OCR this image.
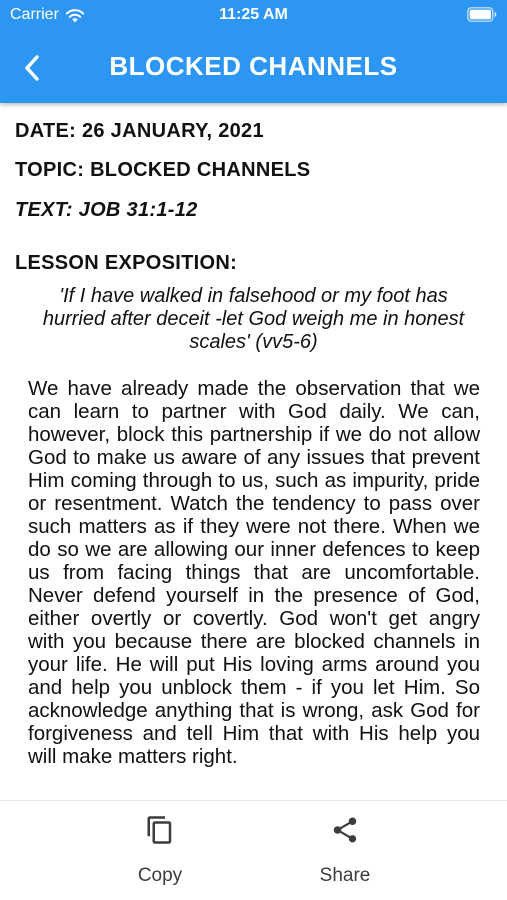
Carrier	11:25 AM
BLOCKED CHANNELS
DATE: 26 JANUARY, 2021
TOPIC: BLOCKED CHANNELS
TEXT: JOB 31:1-12
LESSON EXPOSITION:
'If I have walked in falsehood or my foot has hurried after deceit -let God weigh me in honest scales' (vv5-6)

We have already made the observation that we can learn to partner with God daily. We can, however, block this partnership if we do not allow God to make us aware of any issues that prevent Him coming through to us, such as impurity, pride or resentment. Watch the tendency to pass over such matters as if they were not there. When we do so we are allowing our inner defences to keep us from facing things that are uncomfortable. Never defend yourself in the presence of God, either overtly or covertly. God won't get angry with you because there are blocked channels in your life. He will put His loving arms around you and help you unblock them - if you let Him. So acknowledge anything that is wrong, ask God for forgiveness and tell Him that with His help you will make matters right.

Copy	Share
